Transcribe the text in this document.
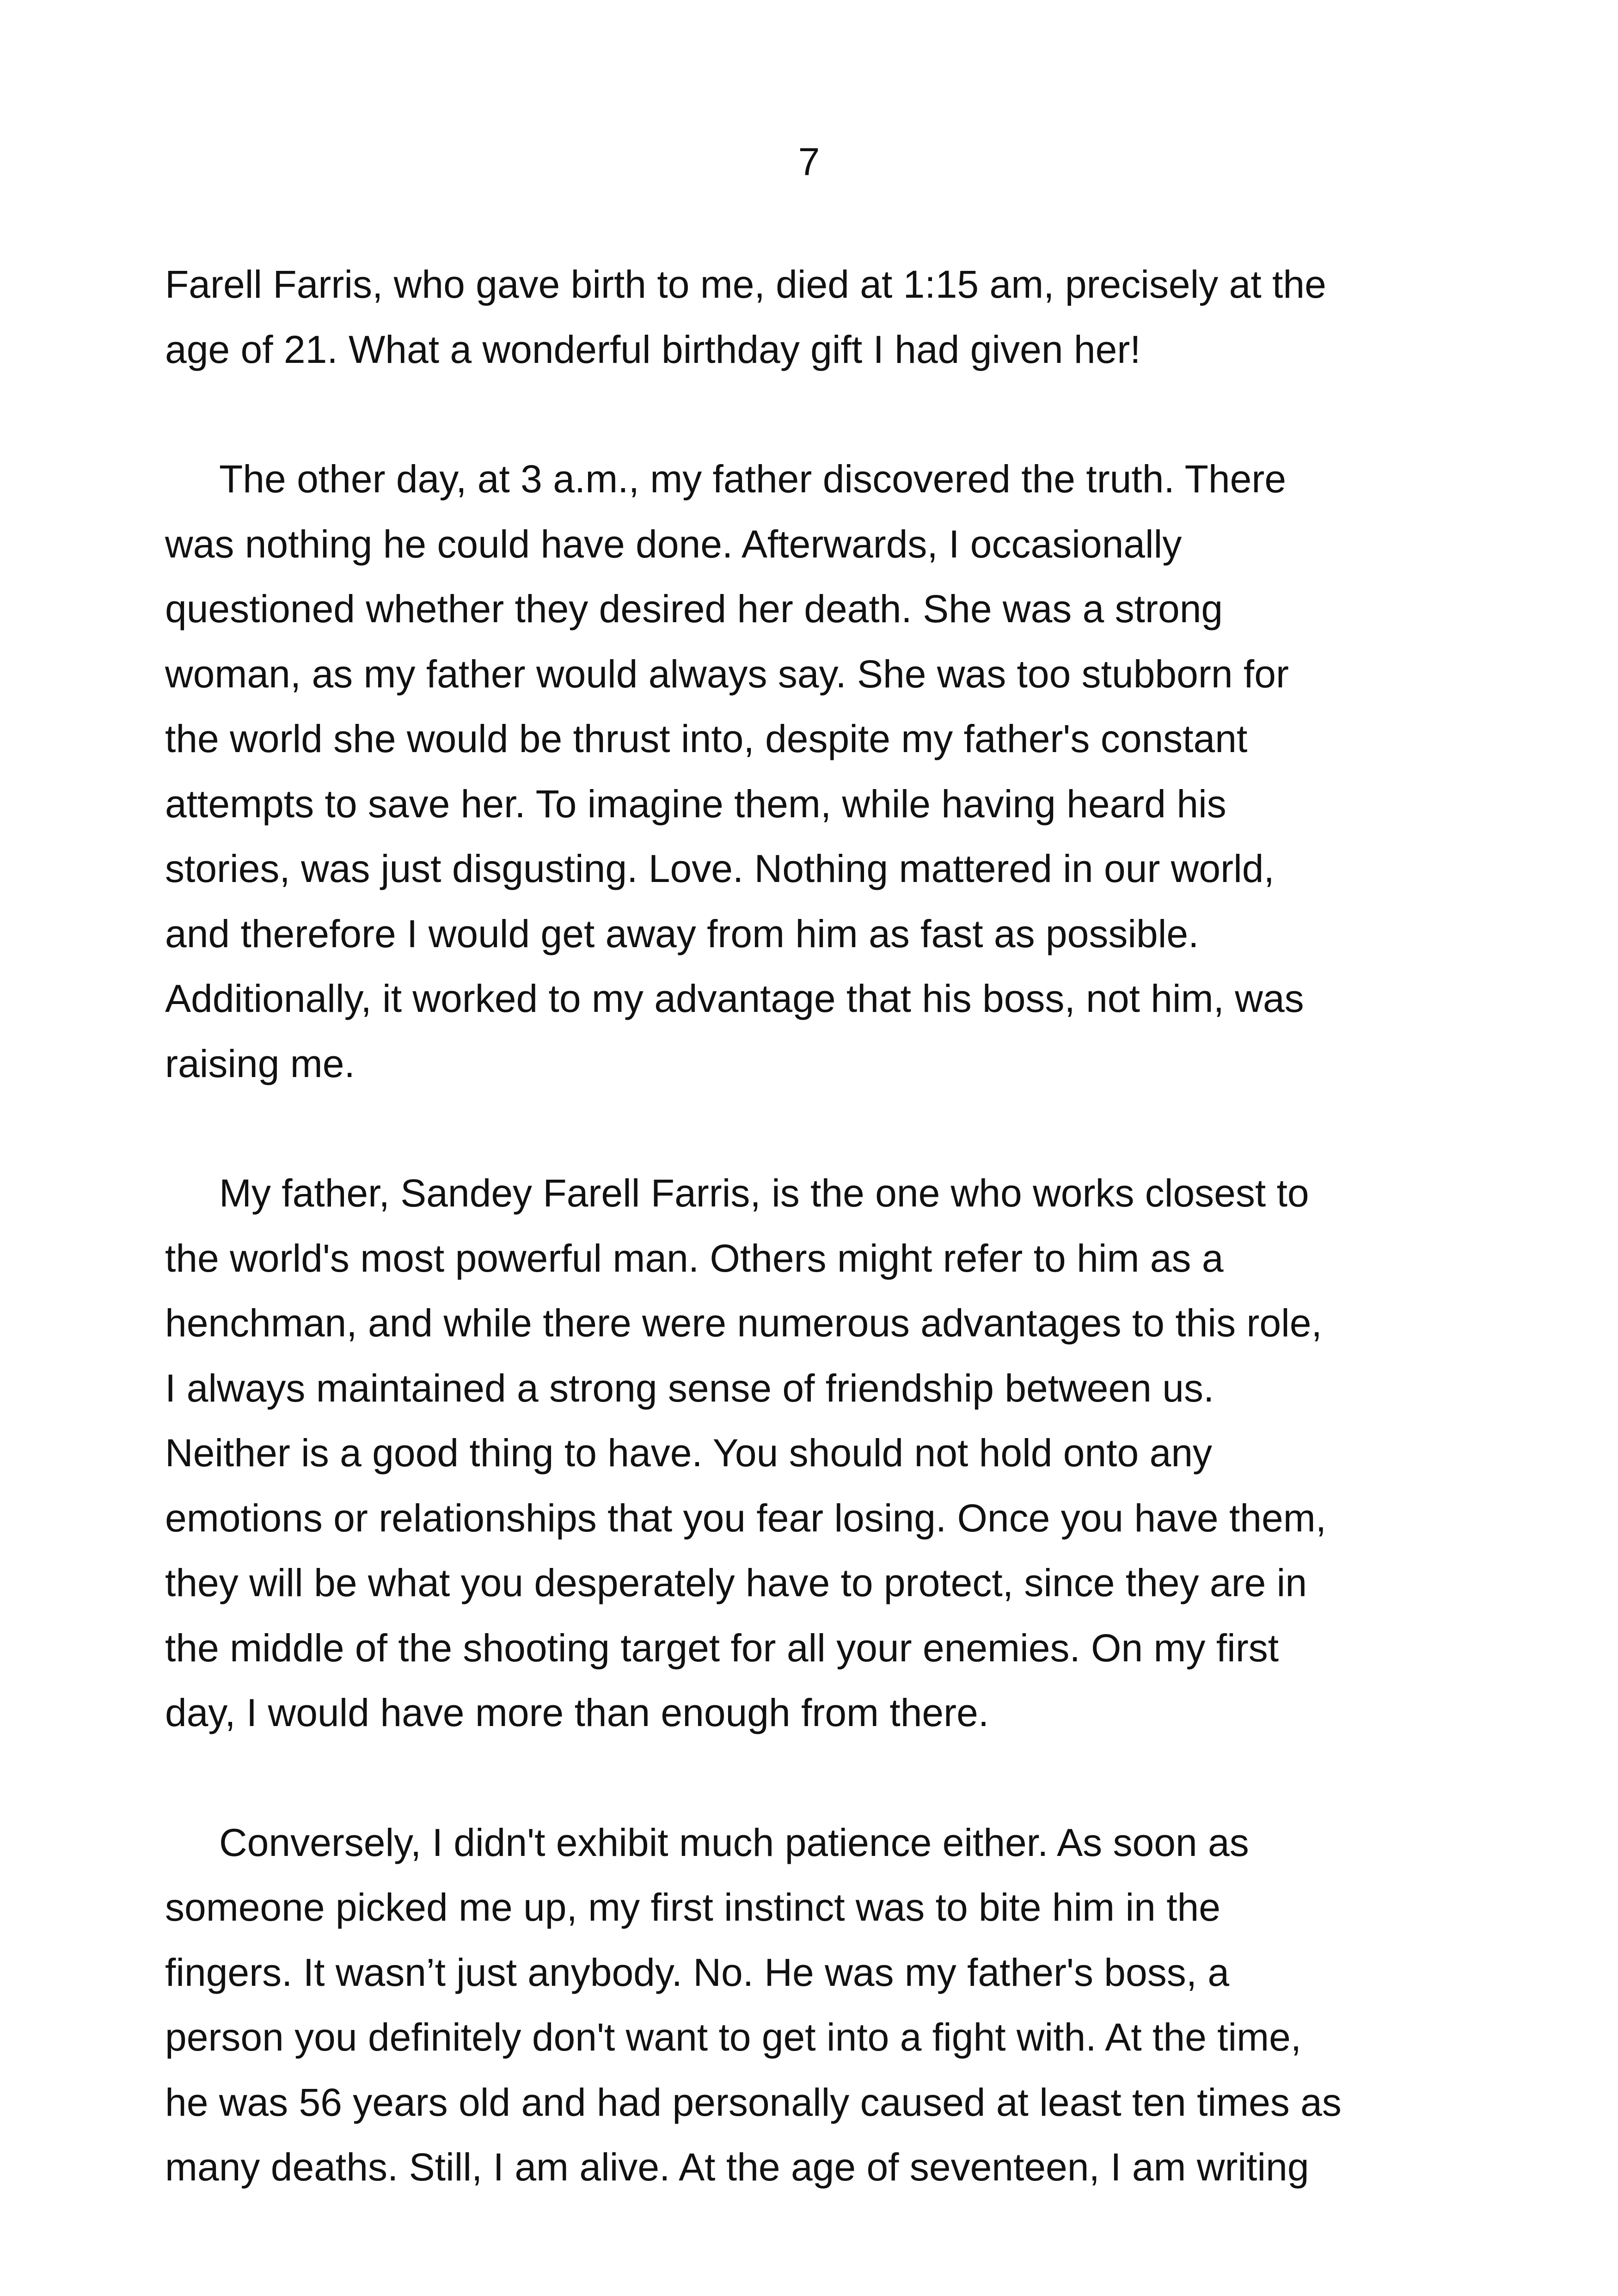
7

Farell Farris, who gave birth to me, died at 1:15 am, precisely at the
age of 21. What a wonderful birthday gift I had given her!

The other day, at 3 a.m., my father discovered the truth. There
was nothing he could have done. Afterwards, I occasionally
questioned whether they desired her death. She was a strong
woman, as my father would always say. She was too stubborn for
the world she would be thrust into, despite my father's constant
attempts to save her. To imagine them, while having heard his
stories, was just disgusting. Love. Nothing mattered in our world,
and therefore I would get away from him as fast as possible.
Additionally, it worked to my advantage that his boss, not him, was
raising me.

My father, Sandey Farell Farris, is the one who works closest to
the world's most powerful man. Others might refer to him as a
henchman, and while there were numerous advantages to this role,
I always maintained a strong sense of friendship between us.
Neither is a good thing to have. You should not hold onto any
emotions or relationships that you fear losing. Once you have them,
they will be what you desperately have to protect, since they are in
the middle of the shooting target for all your enemies. On my first
day, I would have more than enough from there.

Conversely, I didn't exhibit much patience either. As soon as
someone picked me up, my first instinct was to bite him in the
fingers. It wasn’t just anybody. No. He was my father's boss, a
person you definitely don't want to get into a fight with. At the time,
he was 56 years old and had personally caused at least ten times as
many deaths. Still, I am alive. At the age of seventeen, I am writing
